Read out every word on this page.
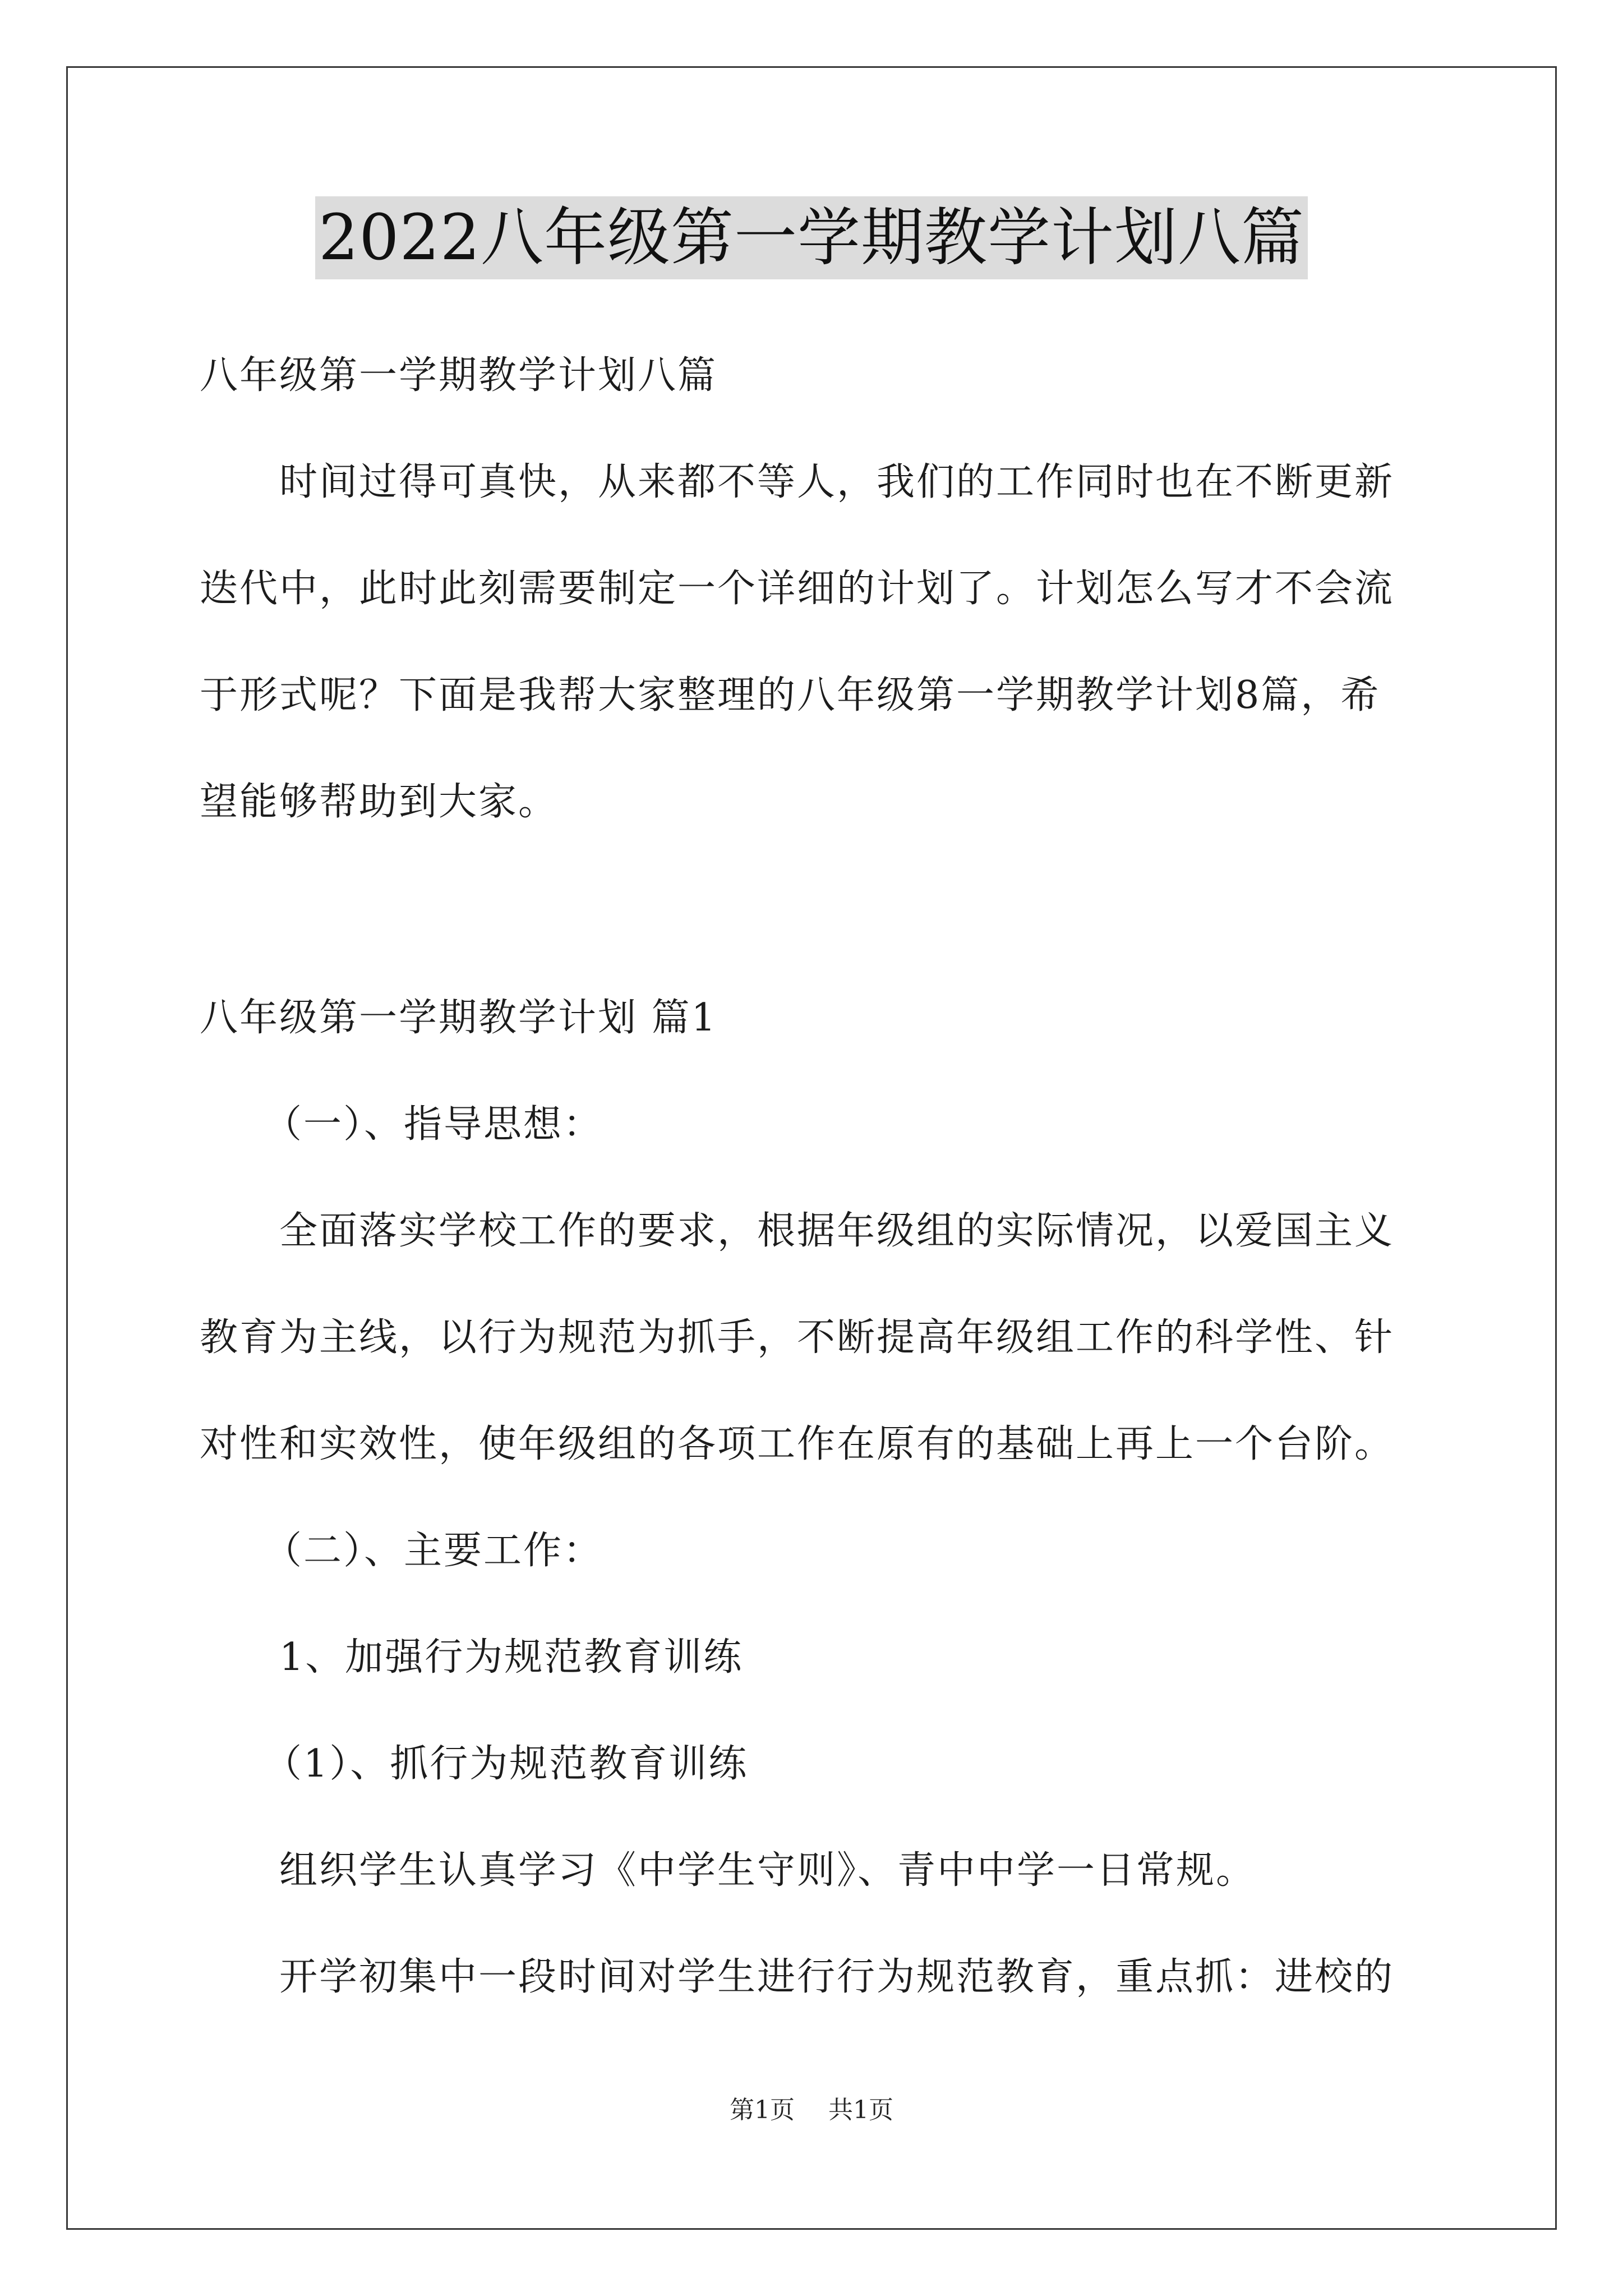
2022八年级第一学期教学计划八篇
八年级第一学期教学计划八篇
时间过得可真快，从来都不等人，我们的工作同时也在不断更新
迭代中，此时此刻需要制定一个详细的计划了。计划怎么写才不会流
于形式呢？下面是我帮大家整理的八年级第一学期教学计划8篇，希
望能够帮助到大家。
八年级第一学期教学计划 篇1
（一）、指导思想：
全面落实学校工作的要求，根据年级组的实际情况，以爱国主义
教育为主线，以行为规范为抓手，不断提高年级组工作的科学性、针
对性和实效性，使年级组的各项工作在原有的基础上再上一个台阶。
（二）、主要工作：
1、加强行为规范教育训练
（1）、抓行为规范教育训练
组织学生认真学习《中学生守则》、青中中学一日常规。
开学初集中一段时间对学生进行行为规范教育，重点抓：进校的
第1页 共1页
